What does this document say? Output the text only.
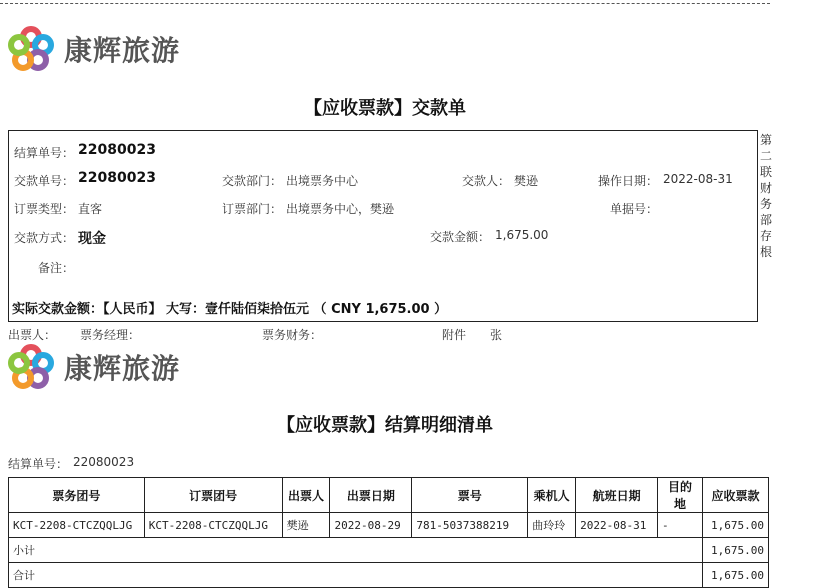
康辉旅游
【应收票款】交款单
结算单号： 22080023
交款单号： 22080023	交款部门： 出境票务中心	交款人： 樊逊	操作日期： 2022-08-31
订票类型： 直客	订票部门： 出境票务中心，樊逊	单据号：
交款方式： 现金	交款金额： 1,675.00
备注：
实际交款金额：【人民币】 大写：壹仟陆佰柒拾伍元 （ CNY 1,675.00 ）
第二联财务部存根
出票人： 票务经理：	票务财务：	附件 张
康辉旅游
【应收票款】结算明细清单
结算单号： 22080023
票务团号	订票团号	出票人	出票日期	票号	乘机人	航班日期	目的地	应收票款
KCT-2208-CTCZQQLJG	KCT-2208-CTCZQQLJG	樊逊	2022-08-29	781-5037388219	曲玲玲	2022-08-31	-	1,675.00
小计								1,675.00
合计								1,675.00
